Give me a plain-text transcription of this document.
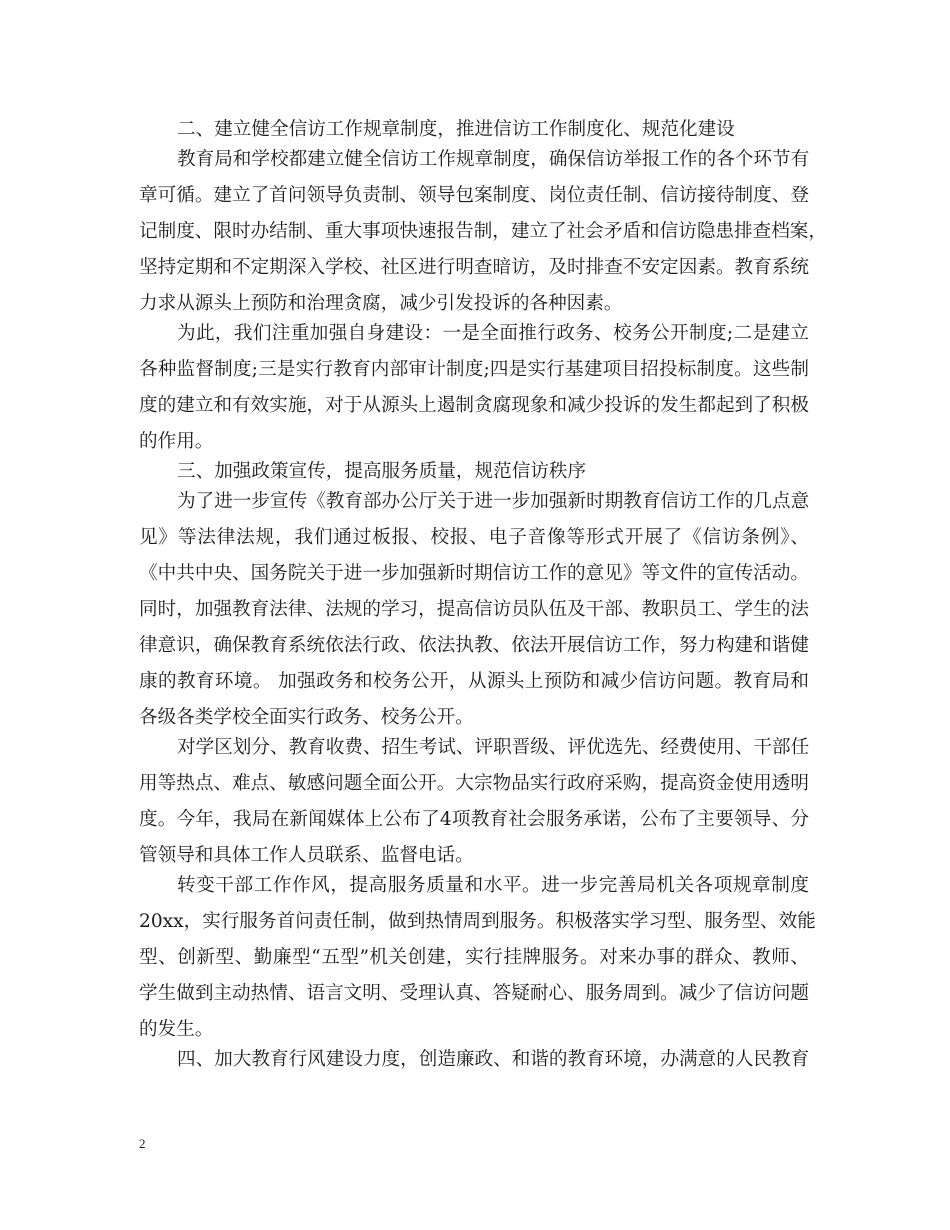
二、建立健全信访工作规章制度，推进信访工作制度化、规范化建设
教育局和学校都建立健全信访工作规章制度，确保信访举报工作的各个环节有
章可循。建立了首问领导负责制、领导包案制度、岗位责任制、信访接待制度、登
记制度、限时办结制、重大事项快速报告制，建立了社会矛盾和信访隐患排查档案，
坚持定期和不定期深入学校、社区进行明查暗访，及时排查不安定因素。教育系统
力求从源头上预防和治理贪腐，减少引发投诉的各种因素。
为此，我们注重加强自身建设：一是全面推行政务、校务公开制度;二是建立
各种监督制度;三是实行教育内部审计制度;四是实行基建项目招投标制度。这些制
度的建立和有效实施，对于从源头上遏制贪腐现象和减少投诉的发生都起到了积极
的作用。
三、加强政策宣传，提高服务质量，规范信访秩序
为了进一步宣传《教育部办公厅关于进一步加强新时期教育信访工作的几点意
见》等法律法规，我们通过板报、校报、电子音像等形式开展了《信访条例》、
《中共中央、国务院关于进一步加强新时期信访工作的意见》等文件的宣传活动。
同时，加强教育法律、法规的学习，提高信访员队伍及干部、教职员工、学生的法
律意识，确保教育系统依法行政、依法执教、依法开展信访工作，努力构建和谐健
康的教育环境。 加强政务和校务公开，从源头上预防和减少信访问题。教育局和
各级各类学校全面实行政务、校务公开。
对学区划分、教育收费、招生考试、评职晋级、评优选先、经费使用、干部任
用等热点、难点、敏感问题全面公开。大宗物品实行政府采购，提高资金使用透明
度。今年，我局在新闻媒体上公布了4项教育社会服务承诺，公布了主要领导、分
管领导和具体工作人员联系、监督电话。
转变干部工作作风，提高服务质量和水平。进一步完善局机关各项规章制度
20xx，实行服务首问责任制，做到热情周到服务。积极落实学习型、服务型、效能
型、创新型、勤廉型“五型”机关创建，实行挂牌服务。对来办事的群众、教师、
学生做到主动热情、语言文明、受理认真、答疑耐心、服务周到。减少了信访问题
的发生。
四、加大教育行风建设力度，创造廉政、和谐的教育环境，办满意的人民教育
2
